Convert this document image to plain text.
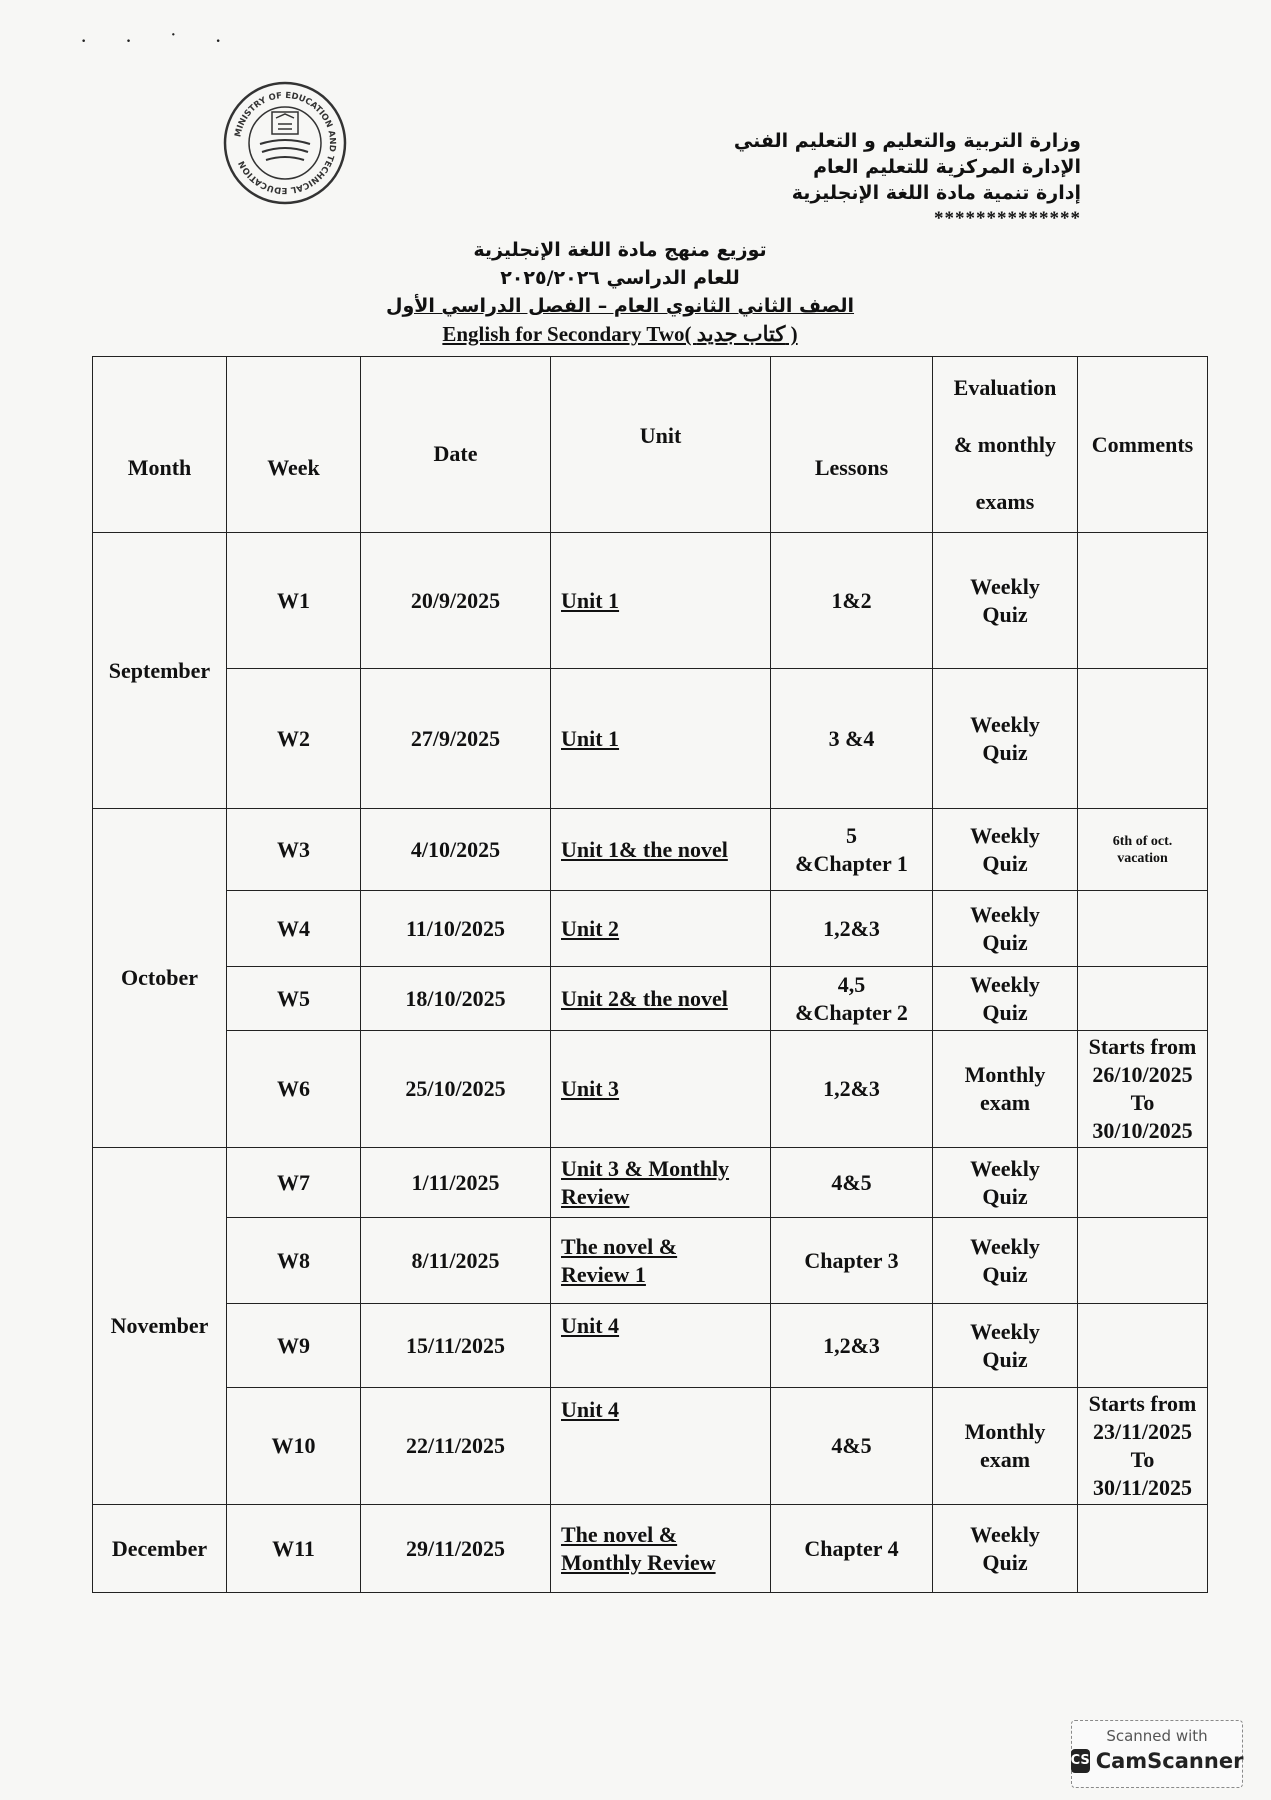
· · ˙ ·
MINISTRY OF EDUCATION AND TECHNICAL EDUCATION
وزارة التربية والتعليم و التعليم الفني
الإدارة المركزية للتعليم العام
إدارة تنمية مادة اللغة الإنجليزية
**************
توزيع منهج مادة اللغة الإنجليزية
للعام الدراسي ٢٠٢٥/٢٠٢٦
الصف الثاني الثانوي العام – الفصل الدراسي الأول
English for Secondary Two( كتاب جديد )
Month	Week	Date	Unit	Lessons	Evaluation
& monthly
exams	Comments
September	W1	20/9/2025	Unit 1	1&2	Weekly
Quiz	
	W2	27/9/2025	Unit 1	3 &4	Weekly
Quiz	
October	W3	4/10/2025	Unit 1& the novel	5
&Chapter 1	Weekly
Quiz	6th of oct.
vacation
	W4	11/10/2025	Unit 2	1,2&3	Weekly
Quiz	
	W5	18/10/2025	Unit 2& the novel	4,5
&Chapter 2	Weekly
Quiz	
	W6	25/10/2025	Unit 3	1,2&3	Monthly
exam	Starts from
26/10/2025
To
30/10/2025
November	W7	1/11/2025	Unit 3 & Monthly
Review	4&5	Weekly
Quiz	
	W8	8/11/2025	The novel &
Review 1	Chapter 3	Weekly
Quiz	
	W9	15/11/2025	Unit 4	1,2&3	Weekly
Quiz	
	W10	22/11/2025	Unit 4	4&5	Monthly
exam	Starts from
23/11/2025
To
30/11/2025
December	W11	29/11/2025	The novel &
Monthly Review	Chapter 4	Weekly
Quiz	
Scanned with
CS CamScanner
